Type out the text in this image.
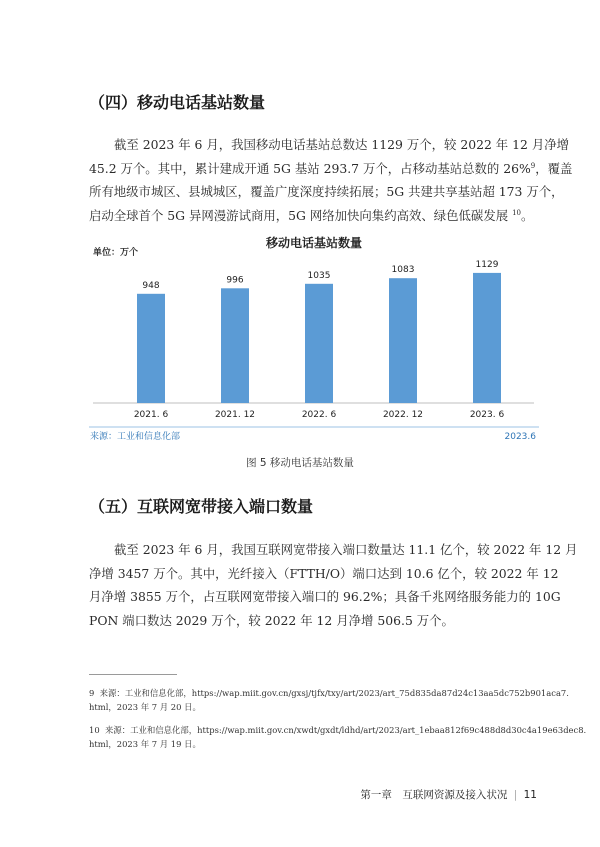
（四）移动电话基站数量
截至 2023 年 6 月，我国移动电话基站总数达 1129 万个，较 2022 年 12 月净增
45.2 万个。其中，累计建成开通 5G 基站 293.7 万个，占移动基站总数的 26%$^9$，覆盖
所有地级市城区、县城城区，覆盖广度深度持续拓展；5G 共建共享基站超 173 万个，
启动全球首个 5G 异网漫游试商用，5G 网络加快向集约高效、绿色低碳发展 $^{10}$。
移动电话基站数量
单位：万个
948
996	1035
1083
1129
2021. 6	2021. 12	2022. 6	2022. 12	2023. 6
来源：工业和信息化部	2023.6
图 5 移动电话基站数量
（五）互联网宽带接入端口数量
截至 2023 年 6 月，我国互联网宽带接入端口数量达 11.1 亿个，较 2022 年 12 月
净增 3457 万个。其中，光纤接入（FTTH/O）端口达到 10.6 亿个，较 2022 年 12
月净增 3855 万个，占互联网宽带接入端口的 96.2%；具备千兆网络服务能力的 10G
PON 端口数达 2029 万个，较 2022 年 12 月净增 506.5 万个。
9 来源：工业和信息化部，https://wap.miit.gov.cn/gxsj/tjfx/txy/art/2023/art_75d835da87d24c13aa5dc752b901aca7.
html，2023 年 7 月 20 日。
10 来源：工业和信息化部，https://wap.miit.gov.cn/xwdt/gxdt/ldhd/art/2023/art_1ebaa812f69c488d8d30c4a19e63dec8.
html，2023 年 7 月 19 日。
第一章　互联网资源及接入状况 | 11
